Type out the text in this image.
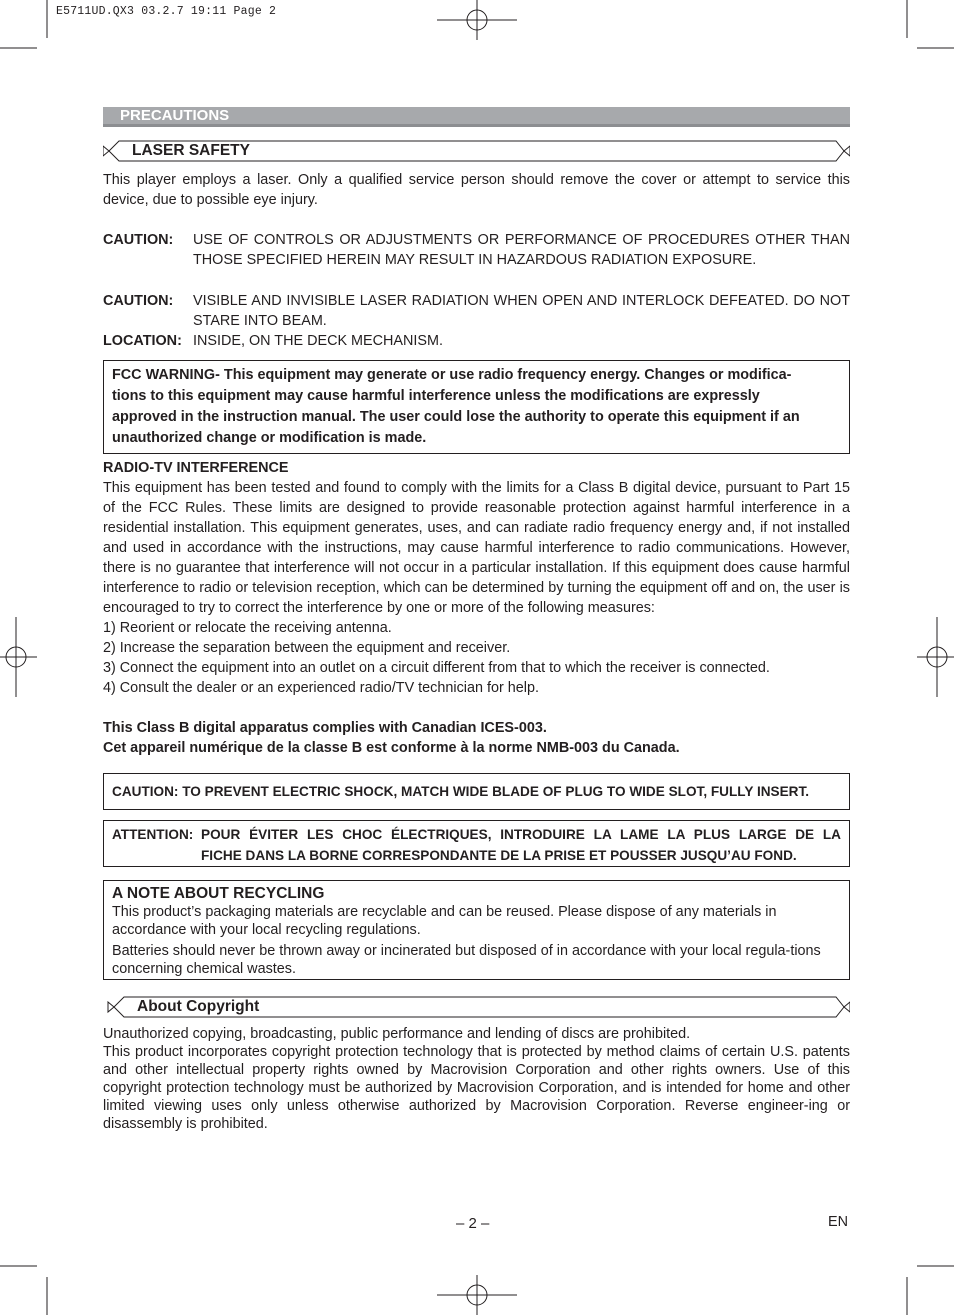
E5711UD.QX3 03.2.7 19:11 Page 2
PRECAUTIONS
LASER SAFETY

This player employs a laser. Only a qualified service person should remove the cover or attempt to service this device, due to possible eye injury.

CAUTION:	USE OF CONTROLS OR ADJUSTMENTS OR PERFORMANCE OF PROCEDURES OTHER THAN THOSE SPECIFIED HEREIN MAY RESULT IN HAZARDOUS RADIATION EXPOSURE.
CAUTION:	VISIBLE AND INVISIBLE LASER RADIATION WHEN OPEN AND INTERLOCK DEFEATED. DO NOT STARE INTO BEAM.
LOCATION: INSIDE, ON THE DECK MECHANISM.
FCC WARNING- This equipment may generate or use radio frequency energy. Changes or modifica-
tions to this equipment may cause harmful interference unless the modifications are expressly
approved in the instruction manual. The user could lose the authority to operate this equipment if an
unauthorized change or modification is made.
RADIO-TV INTERFERENCE

This equipment has been tested and found to comply with the limits for a Class B digital device, pursuant to Part 15 of the FCC Rules. These limits are designed to provide reasonable protection against harmful interference in a residential installation. This equipment generates, uses, and can radiate radio frequency energy and, if not installed and used in accordance with the instructions, may cause harmful interference to radio communications. However, there is no guarantee that interference will not occur in a particular installation. If this equipment does cause harmful interference to radio or television reception, which can be determined by turning the equipment off and on, the user is encouraged to try to correct the interference by one or more of the following measures:

1) Reorient or relocate the receiving antenna.
2) Increase the separation between the equipment and receiver.
3) Connect the equipment into an outlet on a circuit different from that to which the receiver is connected.
4) Consult the dealer or an experienced radio/TV technician for help.
This Class B digital apparatus complies with Canadian ICES-003.
Cet appareil numérique de la classe B est conforme à la norme NMB-003 du Canada.
CAUTION: TO PREVENT ELECTRIC SHOCK, MATCH WIDE BLADE OF PLUG TO WIDE SLOT, FULLY INSERT.
ATTENTION: POUR ÉVITER LES CHOC ÉLECTRIQUES, INTRODUIRE LA LAME LA PLUS LARGE DE LA
FICHE DANS LA BORNE CORRESPONDANTE DE LA PRISE ET POUSSER JUSQU’AU FOND.
A NOTE ABOUT RECYCLING

This product’s packaging materials are recyclable and can be reused. Please dispose of any materials in accordance with your local recycling regulations.

Batteries should never be thrown away or incinerated but disposed of in accordance with your local regula-tions concerning chemical wastes.

About Copyright

Unauthorized copying, broadcasting, public performance and lending of discs are prohibited.

This product incorporates copyright protection technology that is protected by method claims of certain U.S. patents and other intellectual property rights owned by Macrovision Corporation and other rights owners. Use of this copyright protection technology must be authorized by Macrovision Corporation, and is intended for home and other limited viewing uses only unless otherwise authorized by Macrovision Corporation. Reverse engineer-ing or disassembly is prohibited.

– 2 –	EN
